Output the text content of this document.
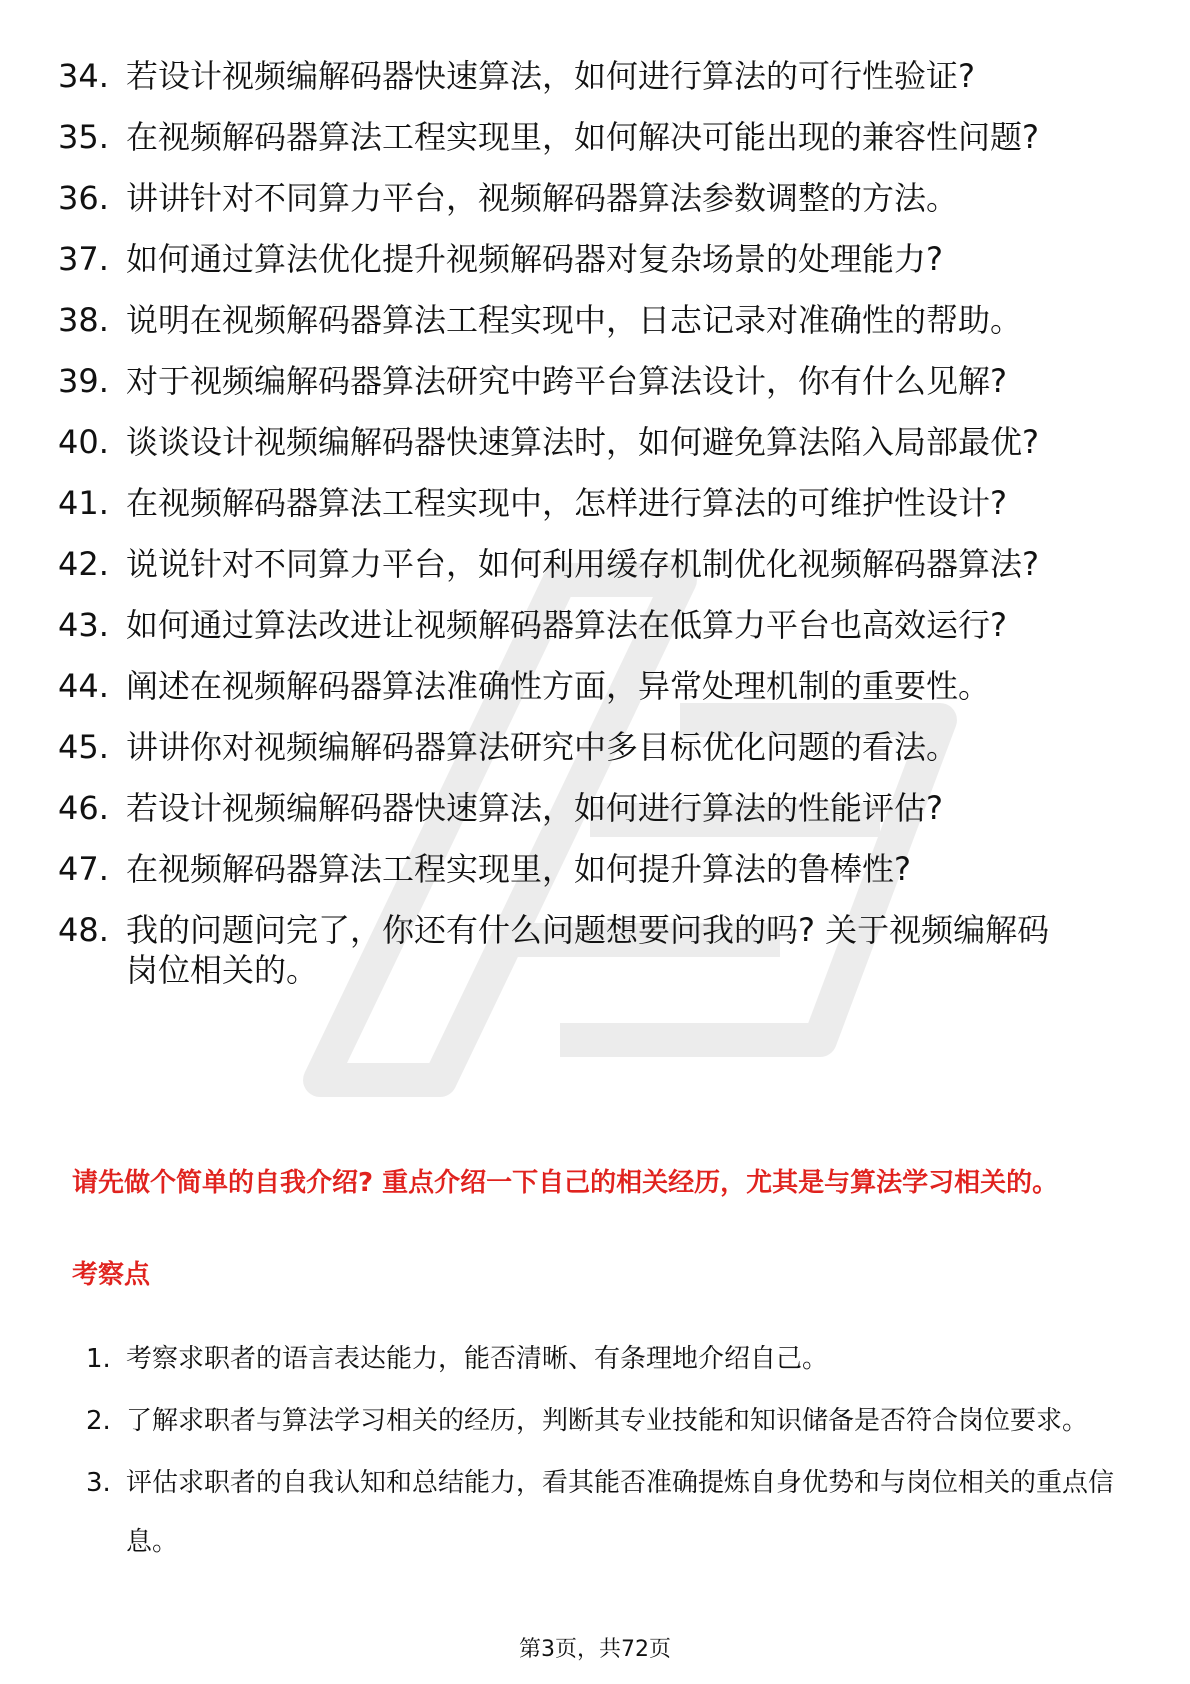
34. 若设计视频编解码器快速算法，如何进行算法的可行性验证?
35. 在视频解码器算法工程实现里，如何解决可能出现的兼容性问题?
36. 讲讲针对不同算力平台，视频解码器算法参数调整的方法。
37. 如何通过算法优化提升视频解码器对复杂场景的处理能力?
38. 说明在视频解码器算法工程实现中，日志记录对准确性的帮助。
39. 对于视频编解码器算法研究中跨平台算法设计，你有什么见解?
40. 谈谈设计视频编解码器快速算法时，如何避免算法陷入局部最优?
41. 在视频解码器算法工程实现中，怎样进行算法的可维护性设计?
42. 说说针对不同算力平台，如何利用缓存机制优化视频解码器算法?
43. 如何通过算法改进让视频解码器算法在低算力平台也高效运行?
44. 阐述在视频解码器算法准确性方面，异常处理机制的重要性。
45. 讲讲你对视频编解码器算法研究中多目标优化问题的看法。
46. 若设计视频编解码器快速算法，如何进行算法的性能评估?
47. 在视频解码器算法工程实现里，如何提升算法的鲁棒性?
48. 我的问题问完了，你还有什么问题想要问我的吗? 关于视频编解码岗位相关的。

请先做个简单的自我介绍? 重点介绍一下自己的相关经历，尤其是与算法学习相关的。

考察点
1. 考察求职者的语言表达能力，能否清晰、有条理地介绍自己。
2. 了解求职者与算法学习相关的经历，判断其专业技能和知识储备是否符合岗位要求。
3. 评估求职者的自我认知和总结能力，看其能否准确提炼自身优势和与岗位相关的重点信息。
第3页，共72页
